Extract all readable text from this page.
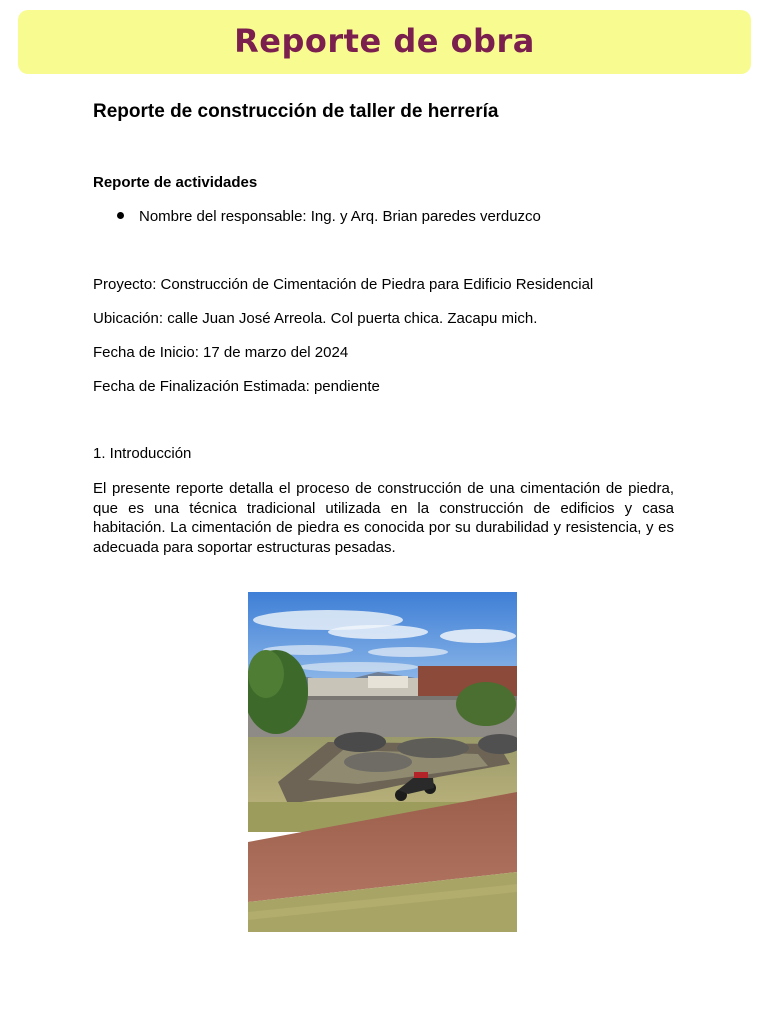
Reporte de obra
Reporte de construcción de taller de herrería
Reporte de actividades
Nombre del responsable: Ing. y Arq. Brian paredes verduzco
Proyecto: Construcción de Cimentación de Piedra para Edificio Residencial
Ubicación: calle Juan José Arreola. Col puerta chica. Zacapu mich.
Fecha de Inicio: 17 de marzo del 2024
Fecha de Finalización Estimada: pendiente
1. Introducción
El presente reporte detalla el proceso de construcción de una cimentación de piedra, que es una técnica tradicional utilizada en la construcción de edificios y casa habitación. La cimentación de piedra es conocida por su durabilidad y resistencia, y es adecuada para soportar estructuras pesadas.
